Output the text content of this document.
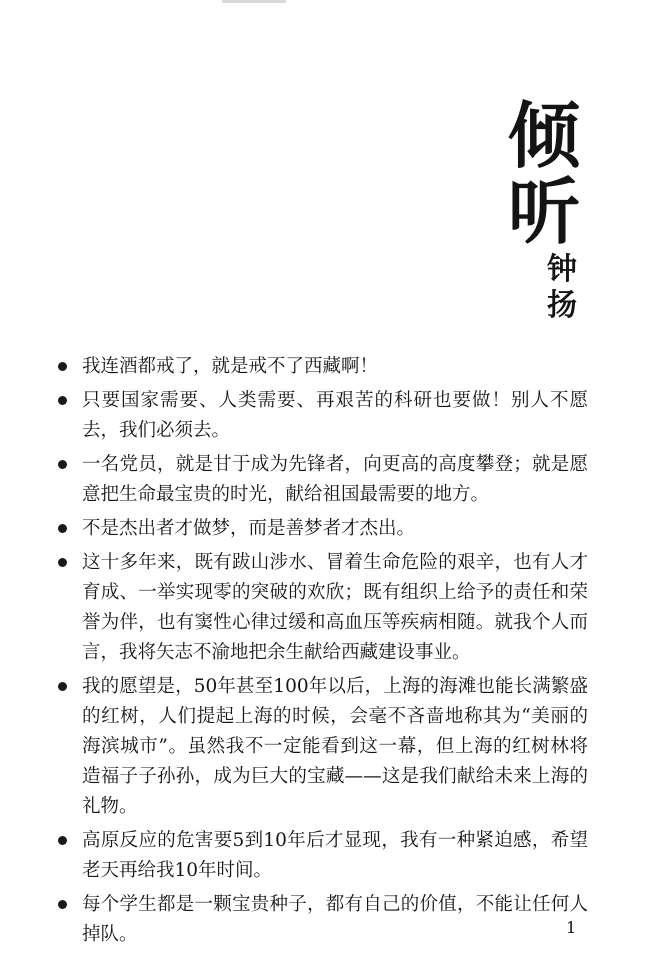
倾
听
钟
扬
我连酒都戒了，就是戒不了西藏啊！
只要国家需要、人类需要、再艰苦的科研也要做！别人不愿去，我们必须去。
一名党员，就是甘于成为先锋者，向更高的高度攀登；就是愿意把生命最宝贵的时光，献给祖国最需要的地方。
不是杰出者才做梦，而是善梦者才杰出。
这十多年来，既有跋山涉水、冒着生命危险的艰辛，也有人才育成、一举实现零的突破的欢欣；既有组织上给予的责任和荣誉为伴，也有窦性心律过缓和高血压等疾病相随。就我个人而言，我将矢志不渝地把余生献给西藏建设事业。
我的愿望是，50年甚至100年以后，上海的海滩也能长满繁盛的红树，人们提起上海的时候，会毫不吝啬地称其为“美丽的海滨城市”。虽然我不一定能看到这一幕，但上海的红树林将造福子子孙孙，成为巨大的宝藏——这是我们献给未来上海的礼物。
高原反应的危害要5到10年后才显现，我有一种紧迫感，希望老天再给我10年时间。
每个学生都是一颗宝贵种子，都有自己的价值，不能让任何人掉队。	1
